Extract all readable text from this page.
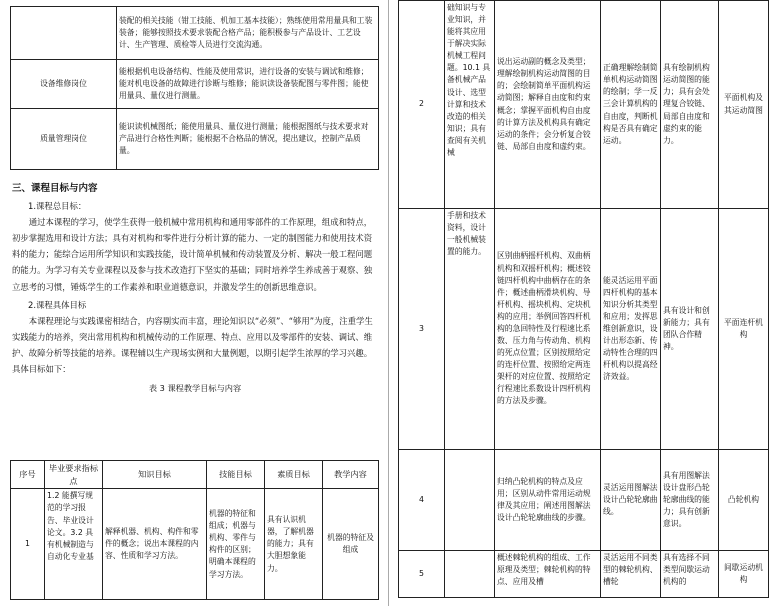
	装配的相关技能（钳工技能、机加工基本技能）；熟练使用常用量具和工装装备；能够按照技术要求装配合格产品；能积极参与产品设计、工艺设计、生产管理、质检等人员进行交流沟通。
设备维修岗位	能根据机电设备结构、性能及使用常识，进行设备的安装与调试和维修；能对机电设备的故障进行诊断与维修；能识读设备装配图与零件图；能使用量具、量仪进行测量。
质量管理岗位	能识读机械图纸；能使用量具、量仪进行测量；能根据图纸与技术要求对产品进行合格性判断；能根据不合格品的情况，提出建议，控制产品质量。

三、课程目标与内容

1.课程总目标：

通过本课程的学习，使学生获得一般机械中常用机构和通用零部件的工作原理，组成和特点，初步掌握选用和设计方法；具有对机构和零件进行分析计算的能力、一定的制图能力和使用技术资料的能力；能综合运用所学知识和实践技能，设计简单机械和传动装置及分析、解决一般工程问题的能力。为学习有关专业课程以及参与技术改造打下坚实的基础；同时培养学生养成善于观察、独立思考的习惯，锤炼学生的工作素养和职业道德意识，并激发学生的创新思维意识。

2.课程具体目标

本课程理论与实践课密相结合，内容剔实而丰富，理论知识以“必须”、“够用”为度，注重学生实践能力的培养，突出常用机构和机械传动的工作原理、特点、应用以及零部件的安装、调试、维护、故障分析等技能的培养。课程辅以生产现场实例和大量例题，以期引起学生浓厚的学习兴趣。具体目标如下：

表 3 课程教学目标与内容

序号	毕业要求指标点	知识目标	技能目标	素质目标	教学内容
1	1.2 能撰写规范的学习报告、毕业设计论文。3.2 具有机械制造与自动化专业基	解释机器、机构、构件和零件的概念；说出本课程的内容、性质和学习方法。	机器的特征和组成；机器与机构、零件与构件的区别；明确本课程的学习方法。	具有认识机器，了解机器的能力；具有大胆想象能力。	机器的特征及组成
2	础知识与专业知识，并能将其应用于解决实际机械工程问题。10.1 具备机械产品设计、选型计算和技术改造的相关知识；具有查阅有关机械	说出运动副的概念及类型；理解绘制机构运动简图的目的；会绘制简单平面机构运动简图；解释自由度和约束概念；掌握平面机构自由度的计算方法及机构具有确定运动的条件；会分析复合铰链、局部自由度和虚约束。	正确理解绘制简单机构运动简图的绘制；学一反三会计算机构的自由度，判断机构是否具有确定运动。	具有绘制机构运动简图的能力；具有会处理复合铰链、局部自由度和虚约束的能力。	平面机构及其运动简图
3	手册和技术资料，设计一般机械装置的能力。	区别曲柄摇杆机构、双曲柄机构和双摇杆机构；概述铰链四杆机构中曲柄存在的条件；概述曲柄滑块机构、导杆机构、摇块机构、定块机构的应用；举例回答四杆机构的急回特性及行程速比系数、压力角与传动角、机构的死点位置；区别按照给定的连杆位置、按照给定两连架杆的对应位置、按照给定行程速比系数设计四杆机构的方法及步骤。	能灵活运用平面四杆机构的基本知识分析其类型和应用；发挥思维创新意识，设计出形态新、传动特性合理的四杆机构以提高经济效益。	具有设计和创新能力；具有团队合作精神。	平面连杆机构
4		归纳凸轮机构的特点及应用；区别从动件常用运动规律及其应用；阐述用图解法设计凸轮轮廓曲线的步骤。	灵活运用图解法设计凸轮轮廓曲线。	具有用图解法设计盘形凸轮轮廓曲线的能力；具有创新意识。	凸轮机构
5		概述棘轮机构的组成、工作原理及类型；棘轮机构的特点、应用及槽	灵活运用不同类型的棘轮机构、槽轮	具有选择不同类型间歇运动机构的	间歇运动机构
